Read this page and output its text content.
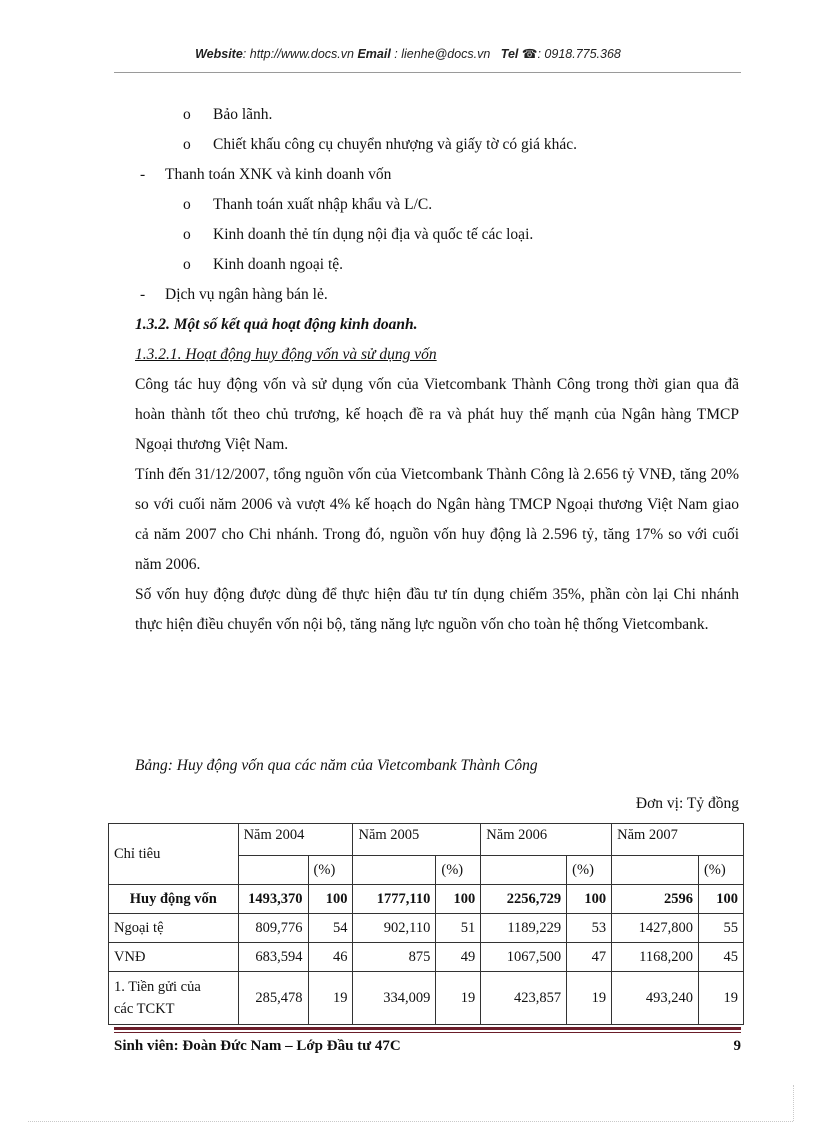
Website: http://www.docs.vn Email : lienhe@docs.vn Tel ☎: 0918.775.368
o Bảo lãnh.
o Chiết khấu công cụ chuyển nhượng và giấy tờ có giá khác.
- Thanh toán XNK và kinh doanh vốn
o Thanh toán xuất nhập khẩu và L/C.
o Kinh doanh thẻ tín dụng nội địa và quốc tế các loại.
o Kinh doanh ngoại tệ.
- Dịch vụ ngân hàng bán lẻ.
1.3.2. Một số kết quả hoạt động kinh doanh.
1.3.2.1. Hoạt động huy động vốn và sử dụng vốn

Công tác huy động vốn và sử dụng vốn của Vietcombank Thành Công trong thời gian qua đã hoàn thành tốt theo chủ trương, kế hoạch đề ra và phát huy thế mạnh của Ngân hàng TMCP Ngoại thương Việt Nam.

Tính đến 31/12/2007, tổng nguồn vốn của Vietcombank Thành Công là 2.656 tỷ VNĐ, tăng 20% so với cuối năm 2006 và vượt 4% kế hoạch do Ngân hàng TMCP Ngoại thương Việt Nam giao cả năm 2007 cho Chi nhánh. Trong đó, nguồn vốn huy động là 2.596 tỷ, tăng 17% so với cuối năm 2006.

Số vốn huy động được dùng để thực hiện đầu tư tín dụng chiếm 35%, phần còn lại Chi nhánh thực hiện điều chuyển vốn nội bộ, tăng năng lực nguồn vốn cho toàn hệ thống Vietcombank.

Bảng: Huy động vốn qua các năm của Vietcombank Thành Công
Đơn vị: Tỷ đồng
Chỉ tiêu	Năm 2004		Năm 2005		Năm 2006		Năm 2007	
		(%)		(%)		(%)		(%)
Huy động vốn	1493,370	100	1777,110	100	2256,729	100	2596	100
Ngoại tệ	809,776	54	902,110	51	1189,229	53	1427,800	55
VNĐ	683,594	46	875	49	1067,500	47	1168,200	45
1. Tiền gửi của
các TCKT	285,478	19	334,009	19	423,857	19	493,240	19
Sinh viên: Đoàn Đức Nam – Lớp Đầu tư 47C	9
